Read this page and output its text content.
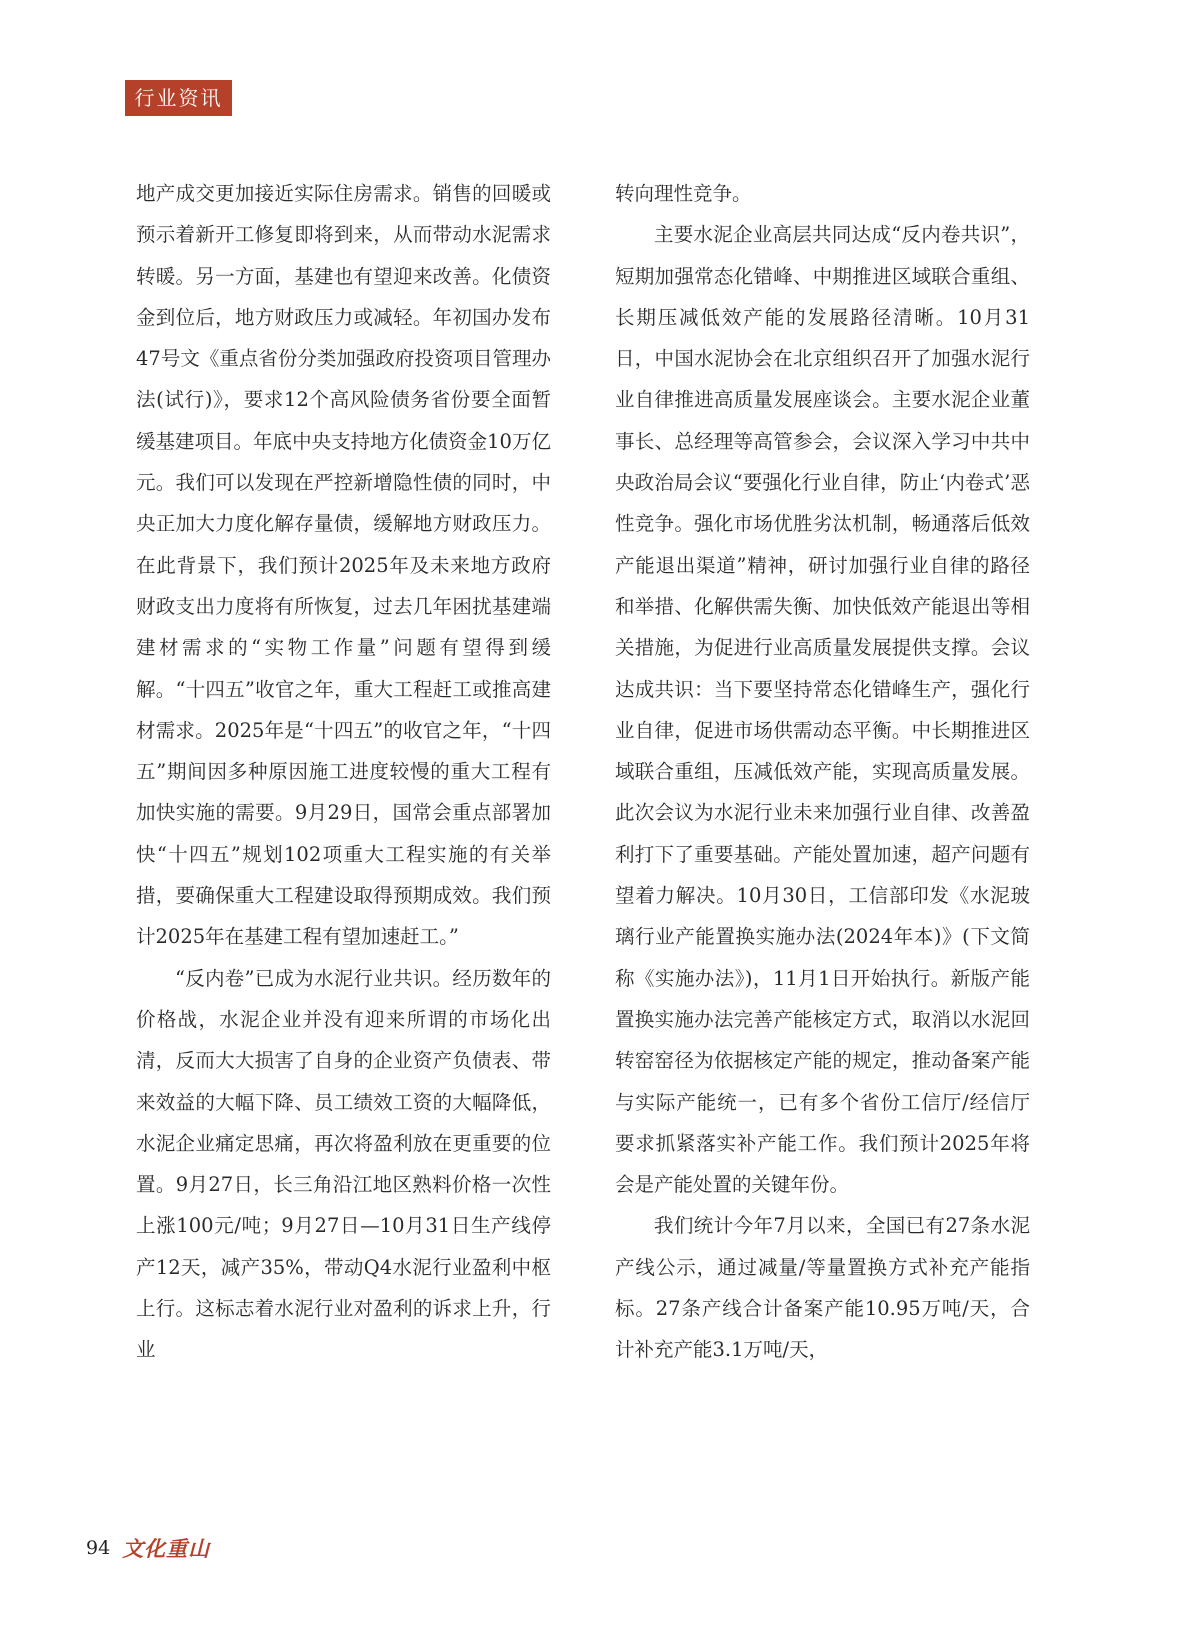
行业资讯

地产成交更加接近实际住房需求。销售的回暖或预示着新开工修复即将到来，从而带动水泥需求转暖。另一方面，基建也有望迎来改善。化债资金到位后，地方财政压力或减轻。年初国办发布47号文《重点省份分类加强政府投资项目管理办法(试行)》，要求12个高风险债务省份要全面暂缓基建项目。年底中央支持地方化债资金10万亿元。我们可以发现在严控新增隐性债的同时，中央正加大力度化解存量债，缓解地方财政压力。在此背景下，我们预计2025年及未来地方政府财政支出力度将有所恢复，过去几年困扰基建端建材需求的“实物工作量”问题有望得到缓解。“十四五”收官之年，重大工程赶工或推高建材需求。2025年是“十四五”的收官之年，“十四五”期间因多种原因施工进度较慢的重大工程有加快实施的需要。9月29日，国常会重点部署加快“十四五”规划102项重大工程实施的有关举措，要确保重大工程建设取得预期成效。我们预计2025年在基建工程有望加速赶工。”

“反内卷”已成为水泥行业共识。经历数年的价格战，水泥企业并没有迎来所谓的市场化出清，反而大大损害了自身的企业资产负债表、带来效益的大幅下降、员工绩效工资的大幅降低，水泥企业痛定思痛，再次将盈利放在更重要的位置。9月27日，长三角沿江地区熟料价格一次性上涨100元/吨；9月27日—10月31日生产线停产12天，减产35%，带动Q4水泥行业盈利中枢上行。这标志着水泥行业对盈利的诉求上升，行业

转向理性竞争。

主要水泥企业高层共同达成“反内卷共识”，短期加强常态化错峰、中期推进区域联合重组、长期压减低效产能的发展路径清晰。10月31日，中国水泥协会在北京组织召开了加强水泥行业自律推进高质量发展座谈会。主要水泥企业董事长、总经理等高管参会，会议深入学习中共中央政治局会议“要强化行业自律，防止‘内卷式’恶性竞争。强化市场优胜劣汰机制，畅通落后低效产能退出渠道”精神，研讨加强行业自律的路径和举措、化解供需失衡、加快低效产能退出等相关措施，为促进行业高质量发展提供支撑。会议达成共识：当下要坚持常态化错峰生产，强化行业自律，促进市场供需动态平衡。中长期推进区域联合重组，压减低效产能，实现高质量发展。此次会议为水泥行业未来加强行业自律、改善盈利打下了重要基础。产能处置加速，超产问题有望着力解决。10月30日，工信部印发《水泥玻璃行业产能置换实施办法(2024年本)》(下文简称《实施办法》)，11月1日开始执行。新版产能置换实施办法完善产能核定方式，取消以水泥回转窑窑径为依据核定产能的规定，推动备案产能与实际产能统一，已有多个省份工信厅/经信厅要求抓紧落实补产能工作。我们预计2025年将会是产能处置的关键年份。

我们统计今年7月以来，全国已有27条水泥产线公示，通过减量/等量置换方式补充产能指标。27条产线合计备案产能10.95万吨/天，合计补充产能3.1万吨/天，

94 文化重山
